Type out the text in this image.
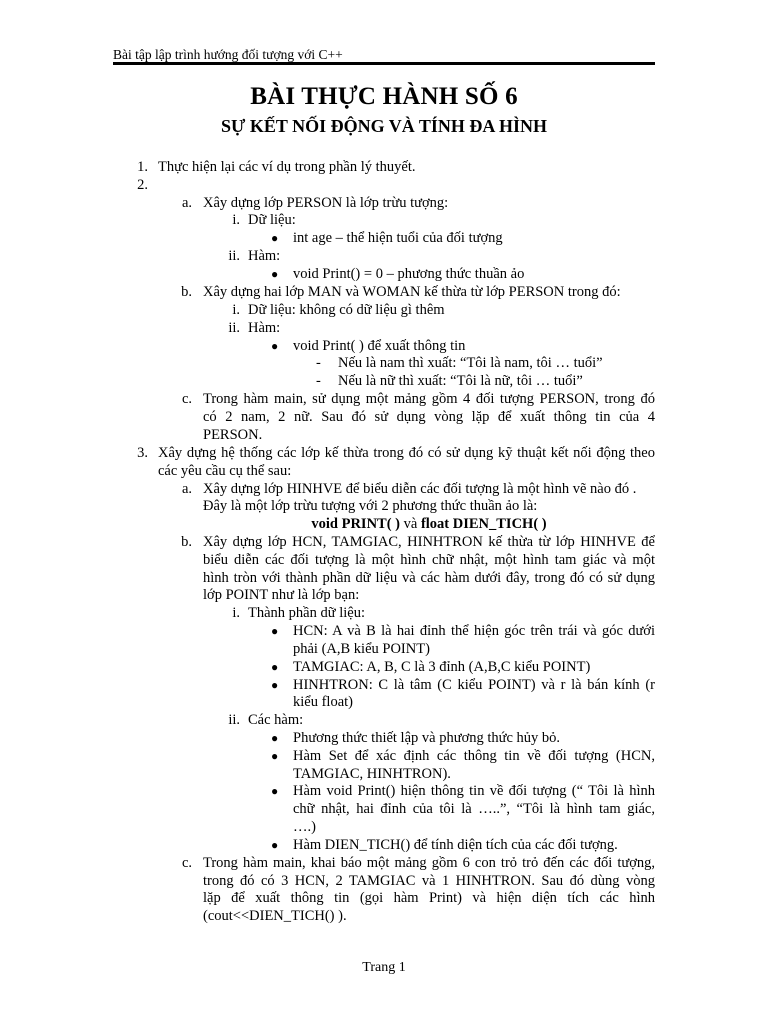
Bài tập lập trình hướng đối tượng với C++
BÀI THỰC HÀNH SỐ 6
SỰ KẾT NỐI ĐỘNG VÀ TÍNH ĐA HÌNH
1. Thực hiện lại các ví dụ trong phần lý thuyết.
2.
a. Xây dựng lớp PERSON là lớp trừu tượng:
i. Dữ liệu:
● int age – thể hiện tuổi của đối tượng
ii. Hàm:
● void Print() = 0 – phương thức thuần ảo
b. Xây dựng hai lớp MAN và WOMAN kế thừa từ lớp PERSON trong đó:
i. Dữ liệu: không có dữ liệu gì thêm
ii. Hàm:
● void Print( ) để xuất thông tin
- Nếu là nam thì xuất: “Tôi là nam, tôi … tuổi”
- Nếu là nữ thì xuất: “Tôi là nữ, tôi … tuổi”
c. Trong hàm main, sử dụng một mảng gồm 4 đối tượng PERSON, trong đó
có 2 nam, 2 nữ. Sau đó sử dụng vòng lặp để xuất thông tin của 4
PERSON.
3. Xây dựng hệ thống các lớp kế thừa trong đó có sử dụng kỹ thuật kết nối động theo
các yêu cầu cụ thể sau:
a. Xây dựng lớp HINHVE để biểu diễn các đối tượng là một hình vẽ nào đó .
Đây là một lớp trừu tượng với 2 phương thức thuần ảo là:
void PRINT( ) và float DIEN_TICH( )
b. Xây dựng lớp HCN, TAMGIAC, HINHTRON kế thừa từ lớp HINHVE để
biểu diễn các đối tượng là một hình chữ nhật, một hình tam giác và một
hình tròn với thành phần dữ liệu và các hàm dưới đây, trong đó có sử dụng
lớp POINT như là lớp bạn:
i. Thành phần dữ liệu:
● HCN: A và B là hai đỉnh thể hiện góc trên trái và góc dưới
phải (A,B kiểu POINT)
● TAMGIAC: A, B, C là 3 đỉnh (A,B,C kiểu POINT)
● HINHTRON: C là tâm (C kiểu POINT) và r là bán kính (r
kiểu float)
ii. Các hàm:
● Phương thức thiết lập và phương thức hủy bỏ.
● Hàm Set để xác định các thông tin về đối tượng (HCN,
TAMGIAC, HINHTRON).
● Hàm void Print() hiện thông tin về đối tượng (“ Tôi là hình
chữ nhật, hai đỉnh của tôi là …..”, “Tôi là hình tam giác,
….)
● Hàm DIEN_TICH() để tính diện tích của các đối tượng.
c. Trong hàm main, khai báo một mảng gồm 6 con trỏ trỏ đến các đối tượng,
trong đó có 3 HCN, 2 TAMGIAC và 1 HINHTRON. Sau đó dùng vòng
lặp để xuất thông tin (gọi hàm Print) và hiện diện tích các hình
(cout<<DIEN_TICH() ).
Trang 1
